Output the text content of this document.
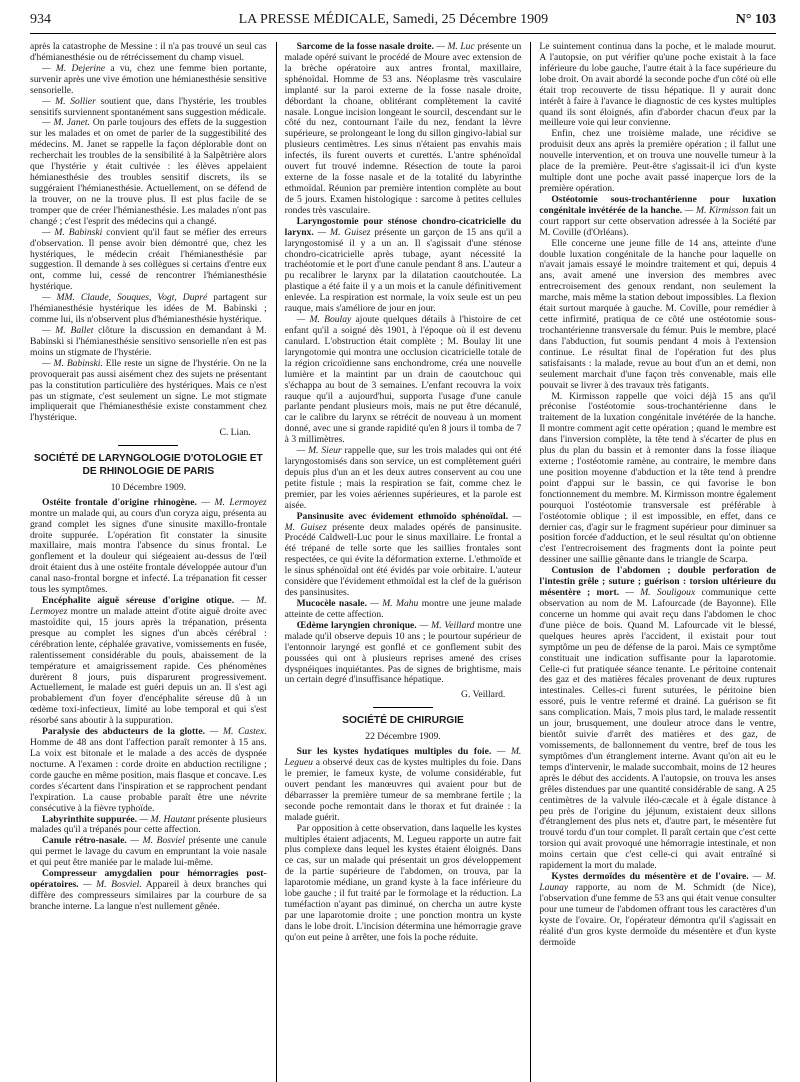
934	LA PRESSE MÉDICALE, Samedi, 25 Décembre 1909	N° 103

après la catastrophe de Messine : il n'a pas trouvé un seul cas d'hémianesthésie ou de rétrécissement du champ visuel.

— M. Dejerine a vu, chez une femme bien portante, survenir après une vive émotion une hémianesthésie sensitive sensorielle.

— M. Sollier soutient que, dans l'hystérie, les troubles sensitifs surviennent spontanément sans suggestion médicale.

— M. Janet. On parle toujours des effets de la suggestion sur les malades et on omet de parler de la suggestibilité des médecins. M. Janet se rappelle la façon déplorable dont on recherchait les troubles de la sensibilité à la Salpêtrière alors que l'hystérie y était cultivée : les élèves appelaient hémianesthésie des troubles sensitif discrets, ils se suggéraient l'hémianesthésie. Actuellement, on se défend de la trouver, on ne la trouve plus. Il est plus facile de se tromper que de créer l'hémianesthésie. Les malades n'ont pas changé ; c'est l'esprit des médecins qui a changé.

— M. Babinski convient qu'il faut se méfier des erreurs d'observation. Il pense avoir bien démontré que, chez les hystériques, le médecin créait l'hémianesthésie par suggestion. Il demande à ses collègues si certains d'entre eux ont, comme lui, cessé de rencontrer l'hémianesthésie hystérique.

— MM. Claude, Souques, Vogt, Dupré partagent sur l'hémianesthésie hystérique les idées de M. Babinski ; comme lui, ils n'observent plus d'hémianesthésie hystérique.

— M. Ballet clôture la discussion en demandant à M. Babinski si l'hémianesthésie sensitivo sensorielle n'en est pas moins un stigmate de l'hystérie.

— M. Babinski. Elle reste un signe de l'hystérie. On ne la provoquerait pas aussi aisément chez des sujets ne présentant pas la constitution particulière des hystériques. Mais ce n'est pas un stigmate, c'est seulement un signe. Le mot stigmate impliquerait que l'hémianesthésie existe constamment chez l'hystérique.

C. Lian.
SOCIÉTÉ DE LARYNGOLOGIE D'OTOLOGIE ET DE RHINOLOGIE DE PARIS
10 Décembre 1909.

Ostéite frontale d'origine rhinogène. — M. Lermoyez montre un malade qui, au cours d'un coryza aigu, présenta au grand complet les signes d'une sinusite maxillo-frontale droite suppurée. L'opération fit constater la sinusite maxillaire, mais montra l'absence du sinus frontal. Le gonflement et la douleur qui siégeaient au-dessus de l'œil droit étaient dus à une ostéite frontale développée autour d'un canal naso-frontal borgne et infecté. La trépanation fit cesser tous les symptômes.

Encéphalite aiguë séreuse d'origine otique. — M. Lermoyez montre un malade atteint d'otite aiguë droite avec mastoïdite qui, 15 jours après la trépanation, présenta presque au complet les signes d'un abcès cérébral : cérébration lente, céphalée gravative, vomissements en fusée, ralentissement considérable du pouls, abaissement de la température et amaigrissement rapide. Ces phénomènes durèrent 8 jours, puis disparurent progressivement. Actuellement, le malade est guéri depuis un an. Il s'est agi probablement d'un foyer d'encéphalite séreuse dû à un œdème toxi-infectieux, limité au lobe temporal et qui s'est résorbé sans aboutir à la suppuration.

Paralysie des abducteurs de la glotte. — M. Castex. Homme de 48 ans dont l'affection paraît remonter à 15 ans. La voix est bitonale et le malade a des accès de dyspnée nocturne. A l'examen : corde droite en abduction rectiligne ; corde gauche en même position, mais flasque et concave. Les cordes s'écartent dans l'inspiration et se rapprochent pendant l'expiration. La cause probable paraît être une névrite consécutive à la fièvre typhoïde.

Labyrinthite suppurée. — M. Hautant présente plusieurs malades qu'il a trépanés pour cette affection.

Canule rétro-nasale. — M. Bosviel présente une canule qui permet le lavage du cavum en empruntant la voie nasale et qui peut être maniée par le malade lui-même.

Compresseur amygdalien pour hémorragies post-opératoires. — M. Bosviel. Appareil à deux branches qui diffère des compresseurs similaires par la courbure de sa branche interne. La langue n'est nullement gênée.

Sarcome de la fosse nasale droite. — M. Luc présente un malade opéré suivant le procédé de Moure avec extension de la brèche opératoire aux antres frontal, maxillaire, sphénoïdal. Homme de 53 ans. Néoplasme très vasculaire implanté sur la paroi externe de la fosse nasale droite, débordant la choane, oblitérant complètement la cavité nasale. Longue incision longeant le sourcil, descendant sur le côté du nez, contournant l'aile du nez, fendant la lèvre supérieure, se prolongeant le long du sillon gingivo-labial sur plusieurs centimètres. Les sinus n'étaient pas envahis mais infectés, ils furent ouverts et curettés. L'antre sphénoïdal ouvert fut trouvé indemne. Résection de toute la paroi externe de la fosse nasale et de la totalité du labyrinthe ethmoïdal. Réunion par première intention complète au bout de 5 jours. Examen histologique : sarcome à petites cellules rondes très vasculaire.

Laryngostomie pour sténose chondro-cicatricielle du larynx. — M. Guisez présente un garçon de 15 ans qu'il a laryngostomisé il y a un an. Il s'agissait d'une sténose chondro-cicatricielle après tubage, ayant nécessité la trachéotomie et le port d'une canule pendant 8 ans. L'auteur a pu recalibrer le larynx par la dilatation caoutchoutée. La plastique a été faite il y a un mois et la canule définitivement enlevée. La respiration est normale, la voix seule est un peu rauque, mais s'améliore de jour en jour.

— M. Boulay ajoute quelques détails à l'histoire de cet enfant qu'il a soigné dès 1901, à l'époque où il est devenu canulard. L'obstruction était complète ; M. Boulay lit une laryngotomie qui montra une occlusion cicatricielle totale de la région cricoïdienne sans enchondrome, créa une nouvelle lumière et la maintint par un drain de caoutchouc qui s'échappa au bout de 3 semaines. L'enfant recouvra la voix rauque qu'il a aujourd'hui, supporta l'usage d'une canule parlante pendant plusieurs mois, mais ne put être décanulé, car le calibre du larynx se rétrécit de nouveau à un moment donné, avec une si grande rapidité qu'en 8 jours il tomba de 7 à 3 millimètres.

— M. Sieur rappelle que, sur les trois malades qui ont été laryngostomisés dans son service, un est complètement guéri depuis plus d'un an et les deux autres conservent au cou une petite fistule ; mais la respiration se fait, comme chez le premier, par les voies aériennes supérieures, et la parole est aisée.

Pansinusite avec évidement ethmoïdo sphénoïdal. — M. Guisez présente deux malades opérés de pansinusite. Procédé Caldwell-Luc pour le sinus maxillaire. Le frontal a été trépané de telle sorte que les saillies frontales sont respectées, ce qui évite la déformation externe. L'ethmoïde et le sinus sphénoïdal ont été évidés par voie orbitaire. L'auteur considère que l'évidement ethmoïdal est la clef de la guérison des pansinusites.

Mucocèle nasale. — M. Mahu montre une jeune malade atteinte de cette affection.

Œdème laryngien chronique. — M. Veillard montre une malade qu'il observe depuis 10 ans ; le pourtour supérieur de l'entonnoir laryngé est gonflé et ce gonflement subit des poussées qui ont à plusieurs reprises amené des crises dyspnéiques inquiétantes. Pas de signes de brightisme, mais un certain degré d'insuffisance hépatique.

G. Veillard.
SOCIÉTÉ DE CHIRURGIE
22 Décembre 1909.

Sur les kystes hydatiques multiples du foie. — M. Legueu a observé deux cas de kystes multiples du foie. Dans le premier, le fameux kyste, de volume considérable, fut ouvert pendant les manœuvres qui avaient pour but de débarrasser la première tumeur de sa membrane fertile ; la seconde poche remontait dans le thorax et fut drainée : la malade guérit.

Par opposition à cette observation, dans laquelle les kystes multiples étaient adjacents, M. Legueu rapporte un autre fait plus complexe dans lequel les kystes étaient éloignés. Dans ce cas, sur un malade qui présentait un gros développement de la partie supérieure de l'abdomen, on trouva, par la laparotomie médiane, un grand kyste à la face inférieure du lobe gauche ; il fut traité par le formolage et la réduction. La tuméfaction n'ayant pas diminué, on chercha un autre kyste par une laparotomie droite ; une ponction montra un kyste dans le lobe droit. L'incision détermina une hémorragie grave qu'on eut peine à arrêter, une fois la poche réduite.

Le suintement continua dans la poche, et le malade mourut. A l'autopsie, on put vérifier qu'une poche existait à la face inférieure du lobe gauche, l'autre était à la face supérieure du lobe droit. On avait abordé la seconde poche d'un côté où elle était trop recouverte de tissu hépatique. Il y aurait donc intérêt à faire à l'avance le diagnostic de ces kystes multiples quand ils sont éloignés, afin d'aborder chacun d'eux par la meilleure voie qui leur convienne.

Enfin, chez une troisième malade, une récidive se produisit deux ans après la première opération ; il fallut une nouvelle intervention, et on trouva une nouvelle tumeur à la place de la première. Peut-être s'agissait-il ici d'un kyste multiple dont une poche avait passé inaperçue lors de la première opération.

Ostéotomie sous-trochantérienne pour luxation congénitale invétérée de la hanche. — M. Kirmisson fait un court rapport sur cette observation adressée à la Société par M. Coville (d'Orléans).

Elle concerne une jeune fille de 14 ans, atteinte d'une double luxation congénitale de la hanche pour laquelle on n'avait jamais essayé le moindre traitement et qui, depuis 4 ans, avait amené une inversion des membres avec entrecroisement des genoux rendant, non seulement la marche, mais même la station debout impossibles. La flexion était surtout marquée à gauche. M. Coville, pour remédier à cette infirmité, pratiqua de ce côté une ostéotomie sous-trochantérienne transversale du fémur. Puis le membre, placé dans l'abduction, fut soumis pendant 4 mois à l'extension continue. Le résultat final de l'opération fut des plus satisfaisants : la malade, revue au bout d'un an et demi, non seulement marchait d'une façon très convenable, mais elle pouvait se livrer à des travaux très fatigants.

M. Kirmisson rappelle que voici déjà 15 ans qu'il préconise l'ostéotomie sous-trochantérienne dans le traitement de la luxation congénitale invétérée de la hanche. Il montre comment agit cette opération ; quand le membre est dans l'inversion complète, la tête tend à s'écarter de plus en plus du plan du bassin et à remonter dans la fosse iliaque externe ; l'ostéotomie ramène, au contraire, le membre dans une position moyenne d'abduction et la tête tend à prendre point d'appui sur le bassin, ce qui favorise le bon fonctionnement du membre. M. Kirmisson montre également pourquoi l'ostéotomie transversale est préférable à l'ostéotomie oblique ; il est impossible, en effet, dans ce dernier cas, d'agir sur le fragment supérieur pour diminuer sa position forcée d'adduction, et le seul résultat qu'on obtienne c'est l'entrecroisement des fragments dont la pointe peut dessiner une saillie gênante dans le triangle de Scarpa.

Contusion de l'abdomen ; double perforation de l'intestin grêle ; suture ; guérison : torsion ultérieure du mésentère ; mort. — M. Souligoux communique cette observation au nom de M. Lafourcade (de Bayonne). Elle concerne un homme qui avait reçu dans l'abdomen le choc d'une pièce de bois. Quand M. Lafourcade vit le blessé, quelques heures après l'accident, il existait pour tout symptôme un peu de défense de la paroi. Mais ce symptôme constituait une indication suffisante pour la laparotomie. Celle-ci fut pratiquée séance tenante. Le péritoine contenait des gaz et des matières fécales provenant de deux ruptures intestinales. Celles-ci furent suturées, le péritoine bien essoré, puis le ventre refermé et drainé. La guérison se fit sans complication. Mais, 7 mois plus tard, le malade ressentit un jour, brusquement, une douleur atroce dans le ventre, bientôt suivie d'arrêt des matières et des gaz, de vomissements, de ballonnement du ventre, bref de tous les symptômes d'un étranglement interne. Avant qu'on ait eu le temps d'intervenir, le malade succombait, moins de 12 heures après le début des accidents. A l'autopsie, on trouva les anses grêles distendues par une quantité considérable de sang. A 25 centimètres de la valvule iléo-cæcale et à égale distance à peu près de l'origine du jéjunum, existaient deux sillons d'étranglement des plus nets et, d'autre part, le mésentère fut trouvé tordu d'un tour complet. Il paraît certain que c'est cette torsion qui avait provoqué une hémorragie intestinale, et non moins certain que c'est celle-ci qui avait entraîné si rapidement la mort du malade.

Kystes dermoïdes du mésentère et de l'ovaire. — M. Launay rapporte, au nom de M. Schmidt (de Nice), l'observation d'une femme de 53 ans qui était venue consulter pour une tumeur de l'abdomen offrant tous les caractères d'un kyste de l'ovaire. Or, l'opérateur démontra qu'il s'agissait en réalité d'un gros kyste dermoïde du mésentère et d'un kyste dermoïde
